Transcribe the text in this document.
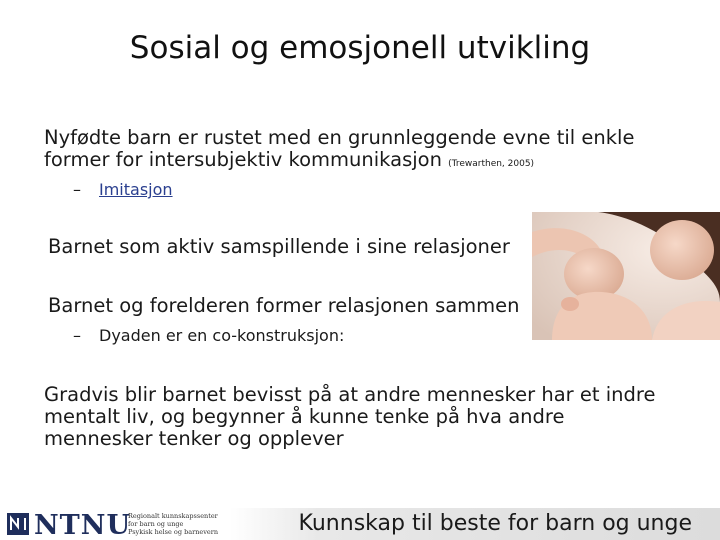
Sosial og emosjonell utvikling
Nyfødte barn er rustet med en grunnleggende evne til enkle
former for intersubjektiv kommunikasjon (Trewarthen, 2005)
– Imitasjon
Barnet som aktiv samspillende i sine relasjoner
Barnet og forelderen former relasjonen sammen
– Dyaden er en co-konstruksjon:
Gradvis blir barnet bevisst på at andre mennesker har et indre
mentalt liv, og begynner å kunne tenke på hva andre
mennesker tenker og opplever
NTNU
Regionalt kunnskapssenter
for barn og unge
Psykisk helse og barnevern	Kunnskap til beste for barn og unge
